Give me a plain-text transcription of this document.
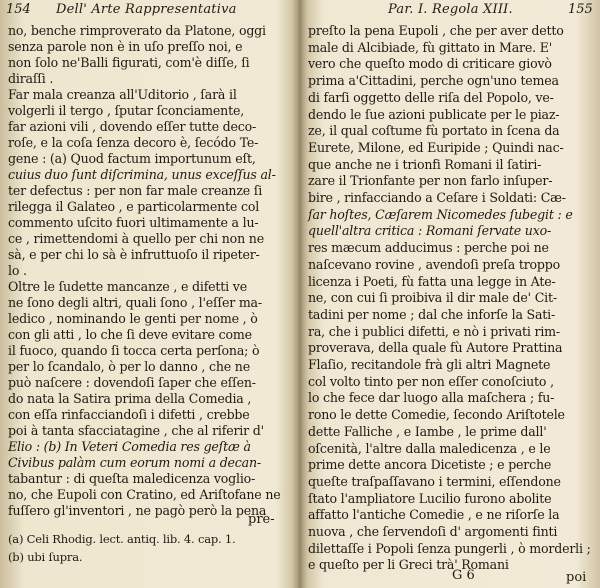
154 Dell' Arte Rappresentativa
no, benche rimproverato da Platone, oggi
senza parole non è in uſo preſſo noi, e
non ſolo ne'Balli figurati, com'è diſſe, ſi
diraſſi .
Far mala creanza all'Uditorio , ſarà il
volgerli il tergo , ſputar ſconciamente,
far azioni vili , dovendo eſſer tutte deco-
roſe, e la coſa ſenza decoro è, ſecódo Te-
gene : (a) Quod factum importunum eſt,
cuius duo ſunt diſcrimina, unus exceſſus al-
ter defectus : per non far male creanze ſi
rilegga il Galateo , e particolarmente col
commento uſcito fuori ultimamente a lu-
ce , rimettendomi à quello per chi non ne
sà, e per chi lo sà è infruttuoſo il ripeter-
lo .
Oltre le ſudette mancanze , e difetti ve
ne ſono degli altri, quali ſono , l'eſſer ma-
ledico , nominando le genti per nome , ò
con gli atti , lo che ſi deve evitare come
il fuoco, quando ſi tocca certa perſona; ò
per lo ſcandalo, ò per lo danno , che ne
può naſcere : dovendoſi ſaper che eſſen-
do nata la Satira prima della Comedia ,
con eſſa rinfacciandoſi i difetti , crebbe
poi à tanta sfacciatagine , che al riferir d'
Elio : (b) In Veteri Comedia res geſtæ à
Civibus palàm cum eorum nomi a decan-
tabantur : di queſta maledicenza voglio-
no, che Eupoli con Cratino, ed Ariſtofane ne
fuſſero gl'inventori , ne pagò però la pena
pre-
(a) Celi Rhodig. lect. antiq. lib. 4. cap. 1.
(b) ubi ſupra.
Par. I. Regola XIII.	155
preſto la pena Eupoli , che per aver detto
male di Alcibiade, fù gittato in Mare. E'
vero che queſto modo di criticare giovò
prima a'Cittadini, perche ogn'uno temea
di farſi oggetto delle riſa del Popolo, ve-
dendo le ſue azioni publicate per le piaz-
ze, il qual coſtume fù portato in ſcena da
Eurete, Milone, ed Euripide ; Quindi nac-
que anche ne i trionfi Romani il ſatiri-
zare il Trionfante per non farlo inſuper-
bire , rinfacciando a Ceſare i Soldati: Cæ-
ſar hoſtes, Cæſarem Nicomedes ſubegit : e
quell'altra critica : Romani ſervate uxo-
res mæcum adducimus : perche poi ne
naſcevano rovine , avendoſi preſa troppo
licenza i Poeti, fù fatta una legge in Ate-
ne, con cui ſi proibiva il dir male de' Cit-
tadini per nome ; dal che inforſe la Sati-
ra, che i publici difetti, e nò i privati rim-
proverava, della quale fù Autore Prattina
Flaſio, recitandole frà gli altri Magnete
col volto tinto per non eſſer conoſciuto ,
lo che fece dar luogo alla maſchera ; fu-
rono le dette Comedie, ſecondo Ariſtotele
dette Falliche , e Iambe , le prime dall'
oſcenità, l'altre dalla maledicenza , e le
prime dette ancora Dicetiste ; e perche
queſte traſpaſſavano i termini, eſſendone
ſtato l'ampliatore Lucilio furono abolite
affatto l'antiche Comedie , e ne riſorſe la
nuova , che ſervendoſi d' argomenti finti
dilettaſſe i Popoli ſenza pungerli , ò morderli ;
e queſto per li Greci trà' Romani
G 6	poi
